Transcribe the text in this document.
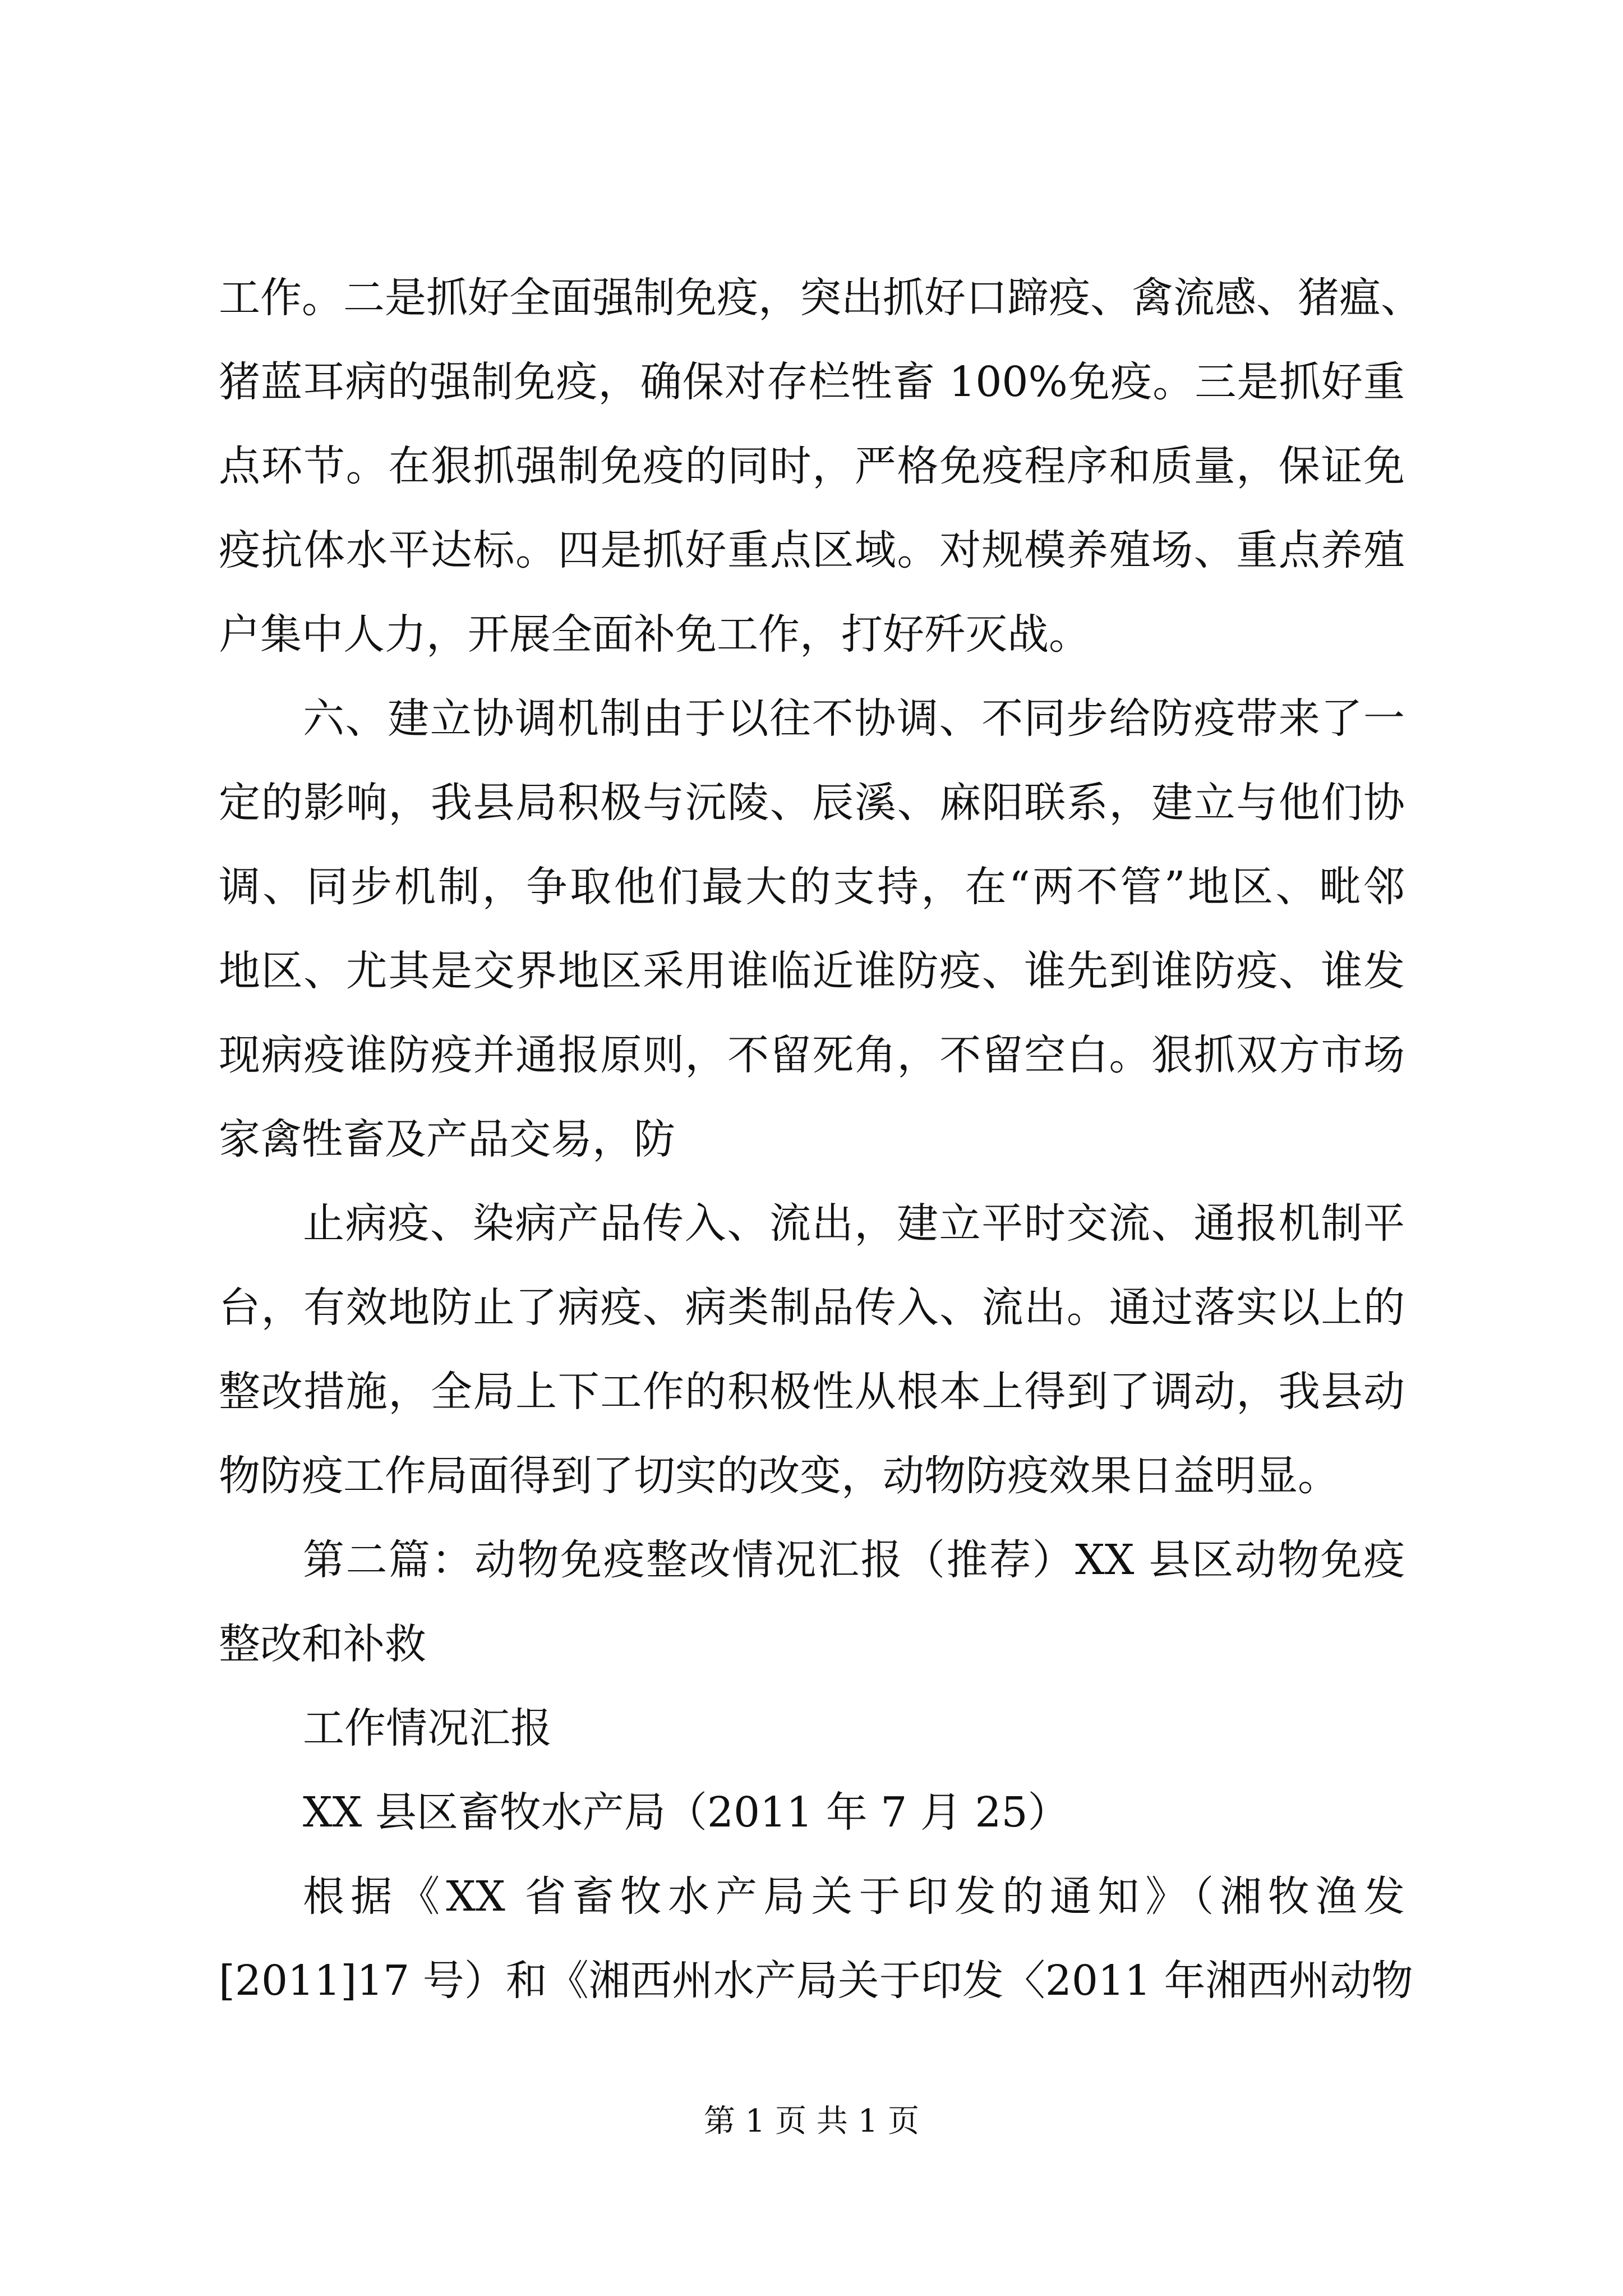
工作。二是抓好全面强制免疫，突出抓好口蹄疫、禽流感、猪瘟、
猪蓝耳病的强制免疫，确保对存栏牲畜 100%免疫。三是抓好重
点环节。在狠抓强制免疫的同时，严格免疫程序和质量，保证免
疫抗体水平达标。四是抓好重点区域。对规模养殖场、重点养殖
户集中人力，开展全面补免工作，打好歼灭战。
六、建立协调机制由于以往不协调、不同步给防疫带来了一
定的影响，我县局积极与沅陵、辰溪、麻阳联系，建立与他们协
调、同步机制，争取他们最大的支持，在“两不管”地区、毗邻
地区、尤其是交界地区采用谁临近谁防疫、谁先到谁防疫、谁发
现病疫谁防疫并通报原则，不留死角，不留空白。狠抓双方市场
家禽牲畜及产品交易，防
止病疫、染病产品传入、流出，建立平时交流、通报机制平
台，有效地防止了病疫、病类制品传入、流出。通过落实以上的
整改措施，全局上下工作的积极性从根本上得到了调动，我县动
物防疫工作局面得到了切实的改变，动物防疫效果日益明显。
第二篇：动物免疫整改情况汇报（推荐）XX 县区动物免疫
整改和补救
工作情况汇报
XX 县区畜牧水产局（2011 年 7 月 25）
根据《XX 省畜牧水产局关于印发的通知》（湘牧渔发
[2011]17 号）和《湘西州水产局关于印发〈2011 年湘西州动物
第 1 页 共 1 页
